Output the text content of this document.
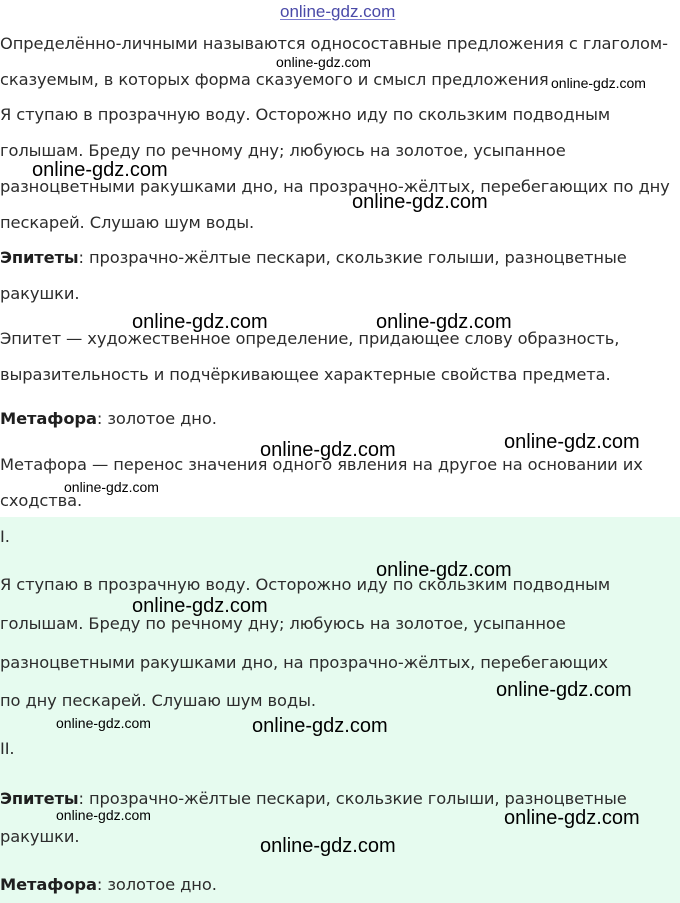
online-gdz.com
Определённо-личными называются односоставные предложения с глаголом-
сказуемым, в которых форма сказуемого и смысл предложения
Я ступаю в прозрачную воду. Осторожно иду по скользким подводным
голышам. Бреду по речному дну; любуюсь на золотое, усыпанное
разноцветными ракушками дно, на прозрачно-жёлтых, перебегающих по дну
пескарей. Слушаю шум воды.
Эпитеты: прозрачно-жёлтые пескари, скользкие голыши, разноцветные
ракушки.
Эпитет — художественное определение, придающее слову образность,
выразительность и подчёркивающее характерные свойства предмета.
Метафора: золотое дно.
Метафора — перенос значения одного явления на другое на основании их
сходства.
I.
Я ступаю в прозрачную воду. Осторожно иду по скользким подводным
голышам. Бреду по речному дну; любуюсь на золотое, усыпанное
разноцветными ракушками дно, на прозрачно-жёлтых, перебегающих
по дну пескарей. Слушаю шум воды.
II.
Эпитеты: прозрачно-жёлтые пескари, скользкие голыши, разноцветные
ракушки.
Метафора: золотое дно.
online-gdz.com
online-gdz.com
online-gdz.com
online-gdz.com
online-gdz.com	online-gdz.com
online-gdz.com
online-gdz.com
online-gdz.com
online-gdz.com
online-gdz.com
online-gdz.com
online-gdz.com	online-gdz.com
online-gdz.com	online-gdz.com
online-gdz.com
